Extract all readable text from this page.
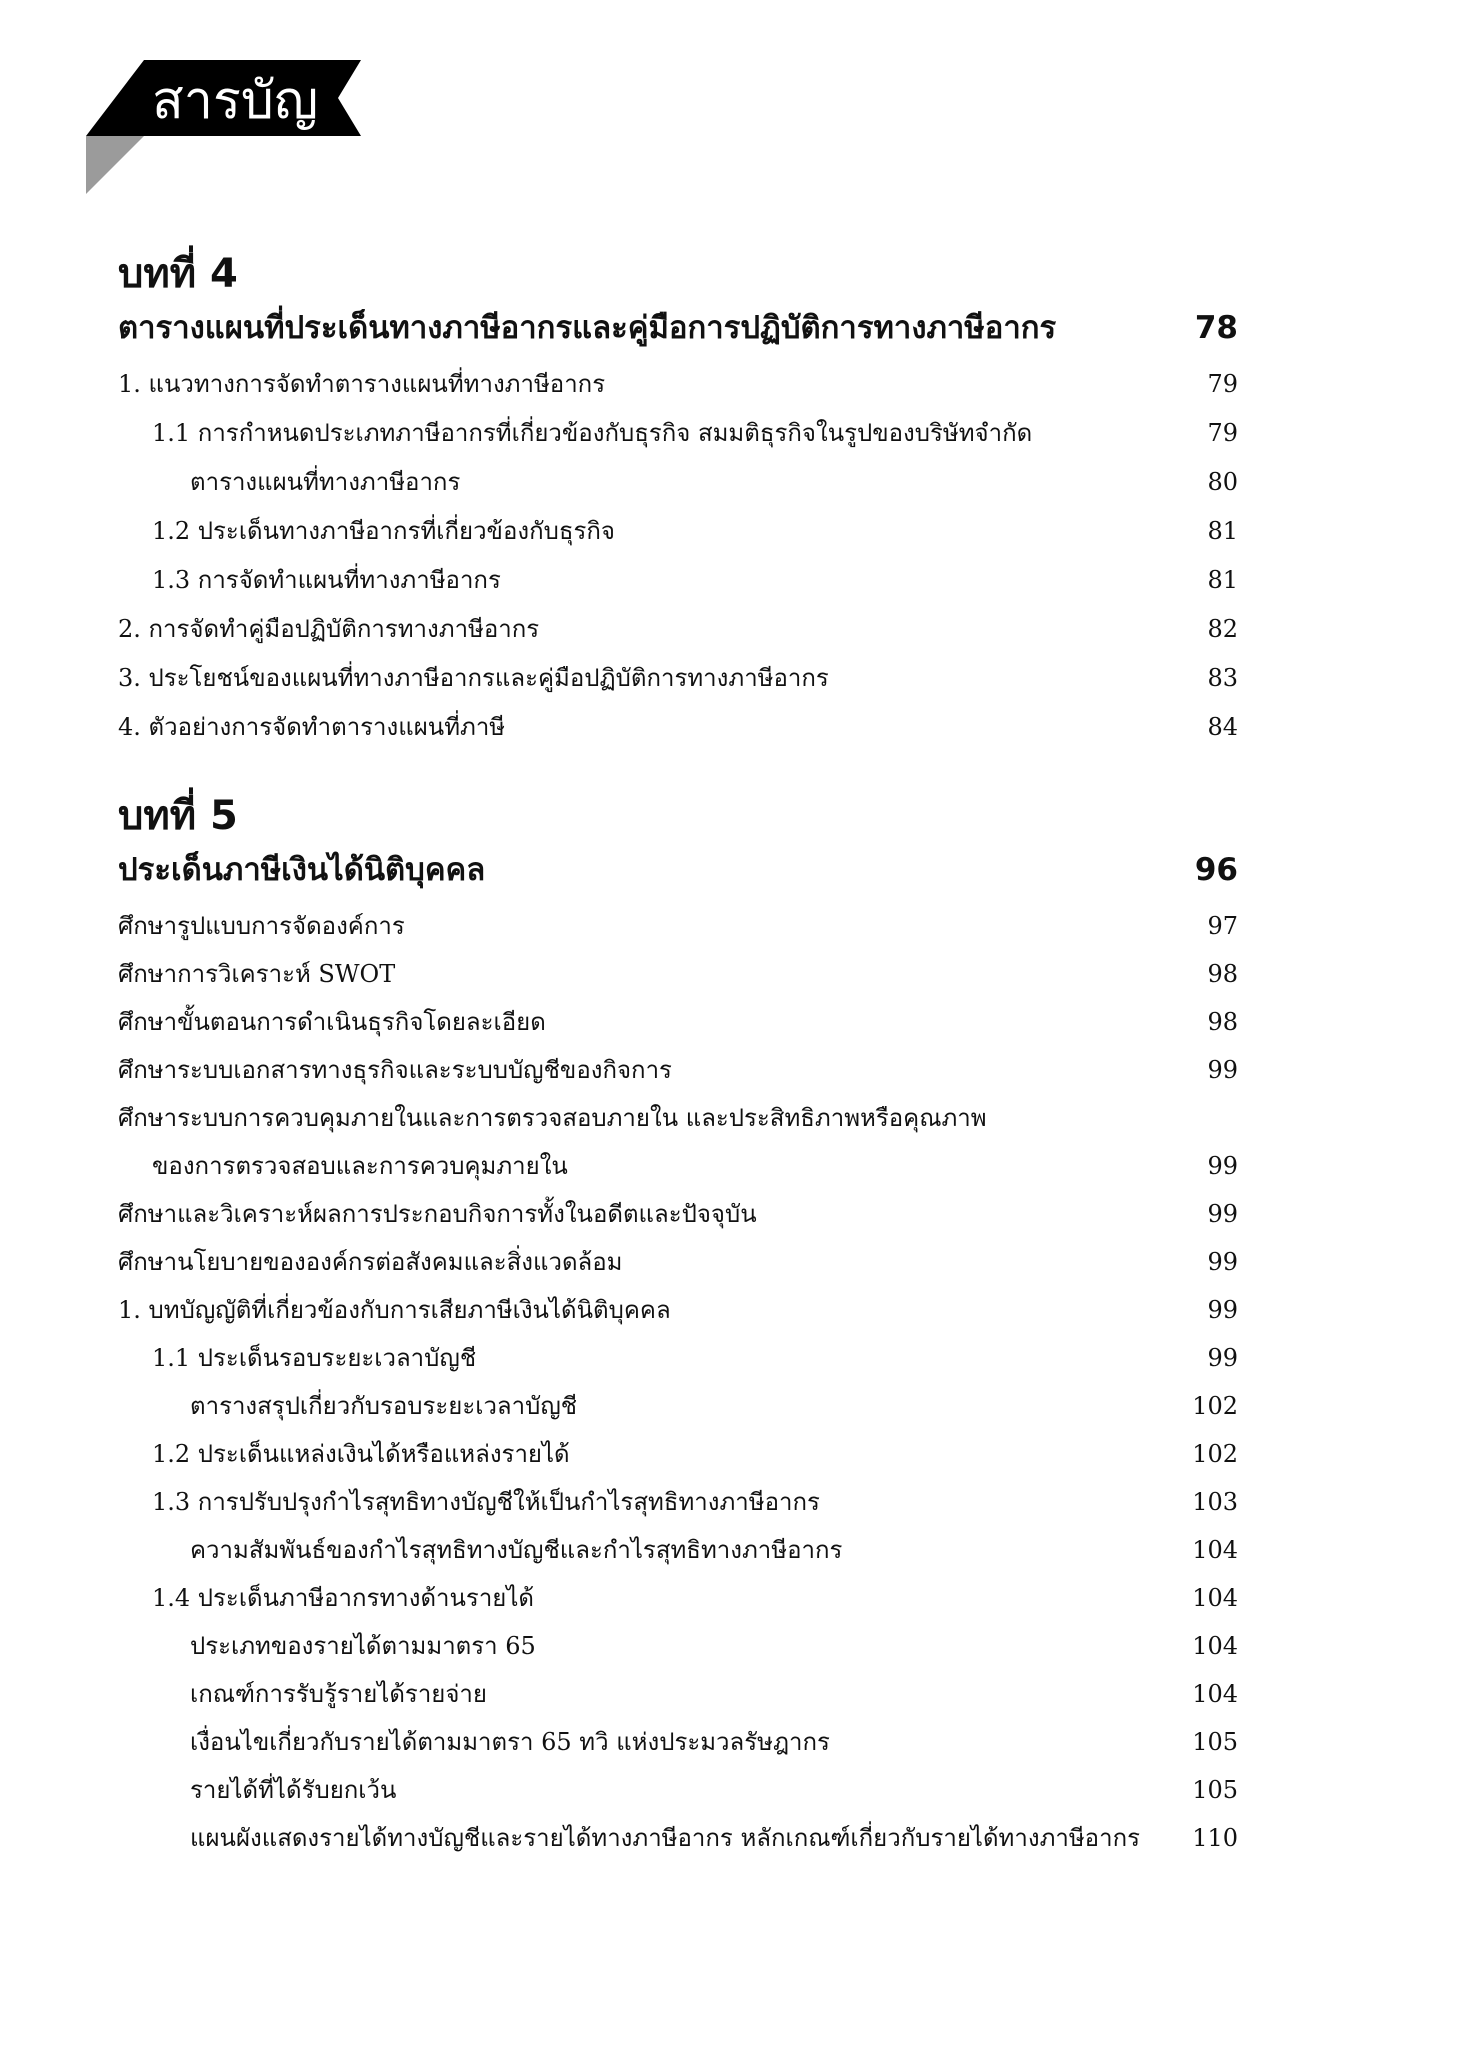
สารบัญ
บทที่ 4
ตารางแผนที่ประเด็นทางภาษีอากรและคู่มือการปฏิบัติการทางภาษีอากร	78
1. แนวทางการจัดทำตารางแผนที่ทางภาษีอากร	79
1.1 การกำหนดประเภทภาษีอากรที่เกี่ยวข้องกับธุรกิจ สมมติธุรกิจในรูปของบริษัทจำกัด	79
ตารางแผนที่ทางภาษีอากร	80
1.2 ประเด็นทางภาษีอากรที่เกี่ยวข้องกับธุรกิจ	81
1.3 การจัดทำแผนที่ทางภาษีอากร	81
2. การจัดทำคู่มือปฏิบัติการทางภาษีอากร	82
3. ประโยชน์ของแผนที่ทางภาษีอากรและคู่มือปฏิบัติการทางภาษีอากร	83
4. ตัวอย่างการจัดทำตารางแผนที่ภาษี	84
บทที่ 5
ประเด็นภาษีเงินได้นิติบุคคล	96
ศึกษารูปแบบการจัดองค์การ	97
ศึกษาการวิเคราะห์ SWOT	98
ศึกษาขั้นตอนการดำเนินธุรกิจโดยละเอียด	98
ศึกษาระบบเอกสารทางธุรกิจและระบบบัญชีของกิจการ	99
ศึกษาระบบการควบคุมภายในและการตรวจสอบภายใน และประสิทธิภาพหรือคุณภาพ
ของการตรวจสอบและการควบคุมภายใน	99
ศึกษาและวิเคราะห์ผลการประกอบกิจการทั้งในอดีตและปัจจุบัน	99
ศึกษานโยบายขององค์กรต่อสังคมและสิ่งแวดล้อม	99
1. บทบัญญัติที่เกี่ยวข้องกับการเสียภาษีเงินได้นิติบุคคล	99
1.1 ประเด็นรอบระยะเวลาบัญชี	99
ตารางสรุปเกี่ยวกับรอบระยะเวลาบัญชี	102
1.2 ประเด็นแหล่งเงินได้หรือแหล่งรายได้	102
1.3 การปรับปรุงกำไรสุทธิทางบัญชีให้เป็นกำไรสุทธิทางภาษีอากร	103
ความสัมพันธ์ของกำไรสุทธิทางบัญชีและกำไรสุทธิทางภาษีอากร	104
1.4 ประเด็นภาษีอากรทางด้านรายได้	104
ประเภทของรายได้ตามมาตรา 65	104
เกณฑ์การรับรู้รายได้รายจ่าย	104
เงื่อนไขเกี่ยวกับรายได้ตามมาตรา 65 ทวิ แห่งประมวลรัษฎากร	105
รายได้ที่ได้รับยกเว้น	105
แผนผังแสดงรายได้ทางบัญชีและรายได้ทางภาษีอากร หลักเกณฑ์เกี่ยวกับรายได้ทางภาษีอากร 110
